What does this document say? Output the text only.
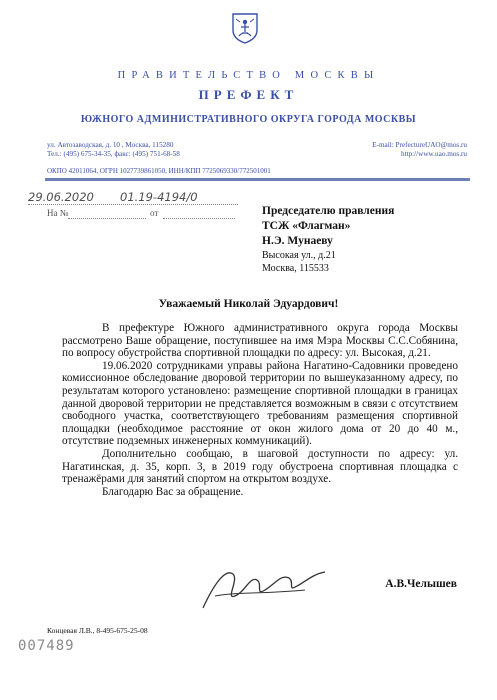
ПРАВИТЕЛЬСТВО МОСКВЫ
ПРЕФЕКТ
ЮЖНОГО АДМИНИСТРАТИВНОГО ОКРУГА ГОРОДА МОСКВЫ
ул. Автозаводская, д. 10 , Москва, 115280
Тел.: (495) 675-34-35, факс: (495) 751-68-58
E-mail: PrefectureUAO@mos.ru
http://www.uao.mos.ru
ОКПО 42011064, ОГРН 1027739861050, ИНН/КПП 7725069330/772501001
29.06.2020 01.19-4194/0
На №	от	Председателю правления
ТСЖ «Флагман»
Н.Э. Мунаеву
Высокая ул., д.21
Москва, 115533
Уважаемый Николай Эдуардович!

В префектуре Южного административного округа города Москвы рассмотрено Ваше обращение, поступившее на имя Мэра Москвы С.С.Собянина, по вопросу обустройства спортивной площадки по адресу: ул. Высокая, д.21.

19.06.2020 сотрудниками управы района Нагатино-Садовники проведено комиссионное обследование дворовой территории по вышеуказанному адресу, по результатам которого установлено: размещение спортивной площадки в границах данной дворовой территории не представляется возможным в связи с отсутствием свободного участка, соответствующего требованиям размещения спортивной площадки (необходимое расстояние от окон жилого дома от 20 до 40 м., отсутствие подземных инженерных коммуникаций).

Дополнительно сообщаю, в шаговой доступности по адресу: ул. Нагатинская, д. 35, корп. 3, в 2019 году обустроена спортивная площадка с тренажёрами для занятий спортом на открытом воздухе.

Благодарю Вас за обращение.

А.В.Челышев
Концевая Л.В., 8-495-675-25-08
007489
